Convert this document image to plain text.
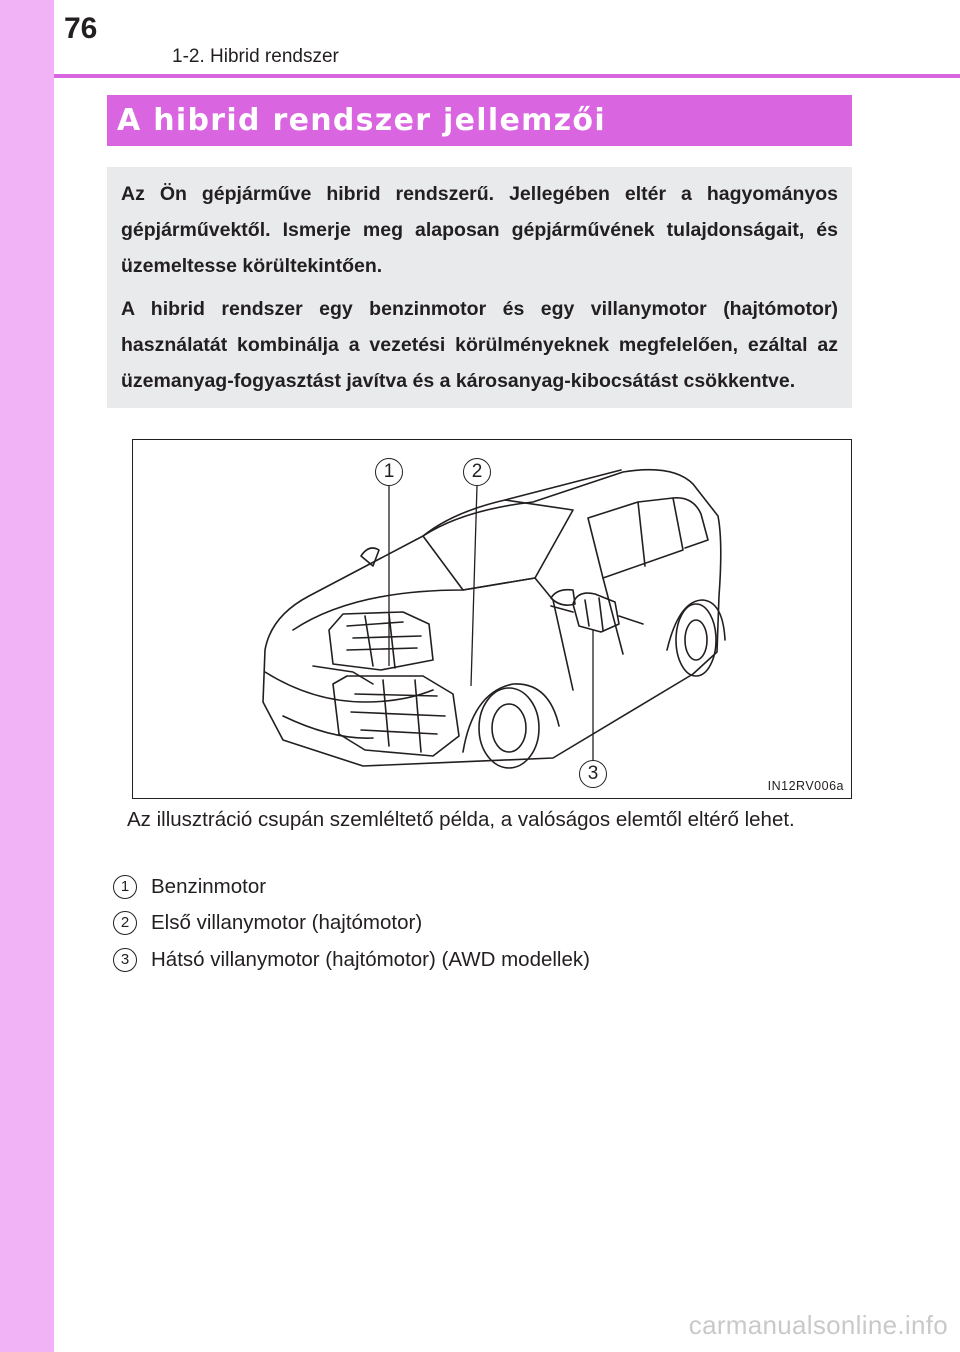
76
1-2. Hibrid rendszer
A hibrid rendszer jellemzői

Az Ön gépjárműve hibrid rendszerű. Jellegében eltér a hagyományos gépjárművektől. Ismerje meg alaposan gépjárművének tulajdonságait, és üzemeltesse körültekintően.

A hibrid rendszer egy benzinmotor és egy villanymotor (hajtómotor) használatát kombinálja a vezetési körülményeknek megfelelően, ezáltal az üzemanyag-fogyasztást javítva és a károsanyag-kibocsátást csökkentve.

1	2
3
IN12RV006a
Az illusztráció csupán szemléltető példa, a valóságos elemtől eltérő lehet.
1	Benzinmotor
2	Első villanymotor (hajtómotor)
3	Hátsó villanymotor (hajtómotor) (AWD modellek)
carmanualsonline.info
